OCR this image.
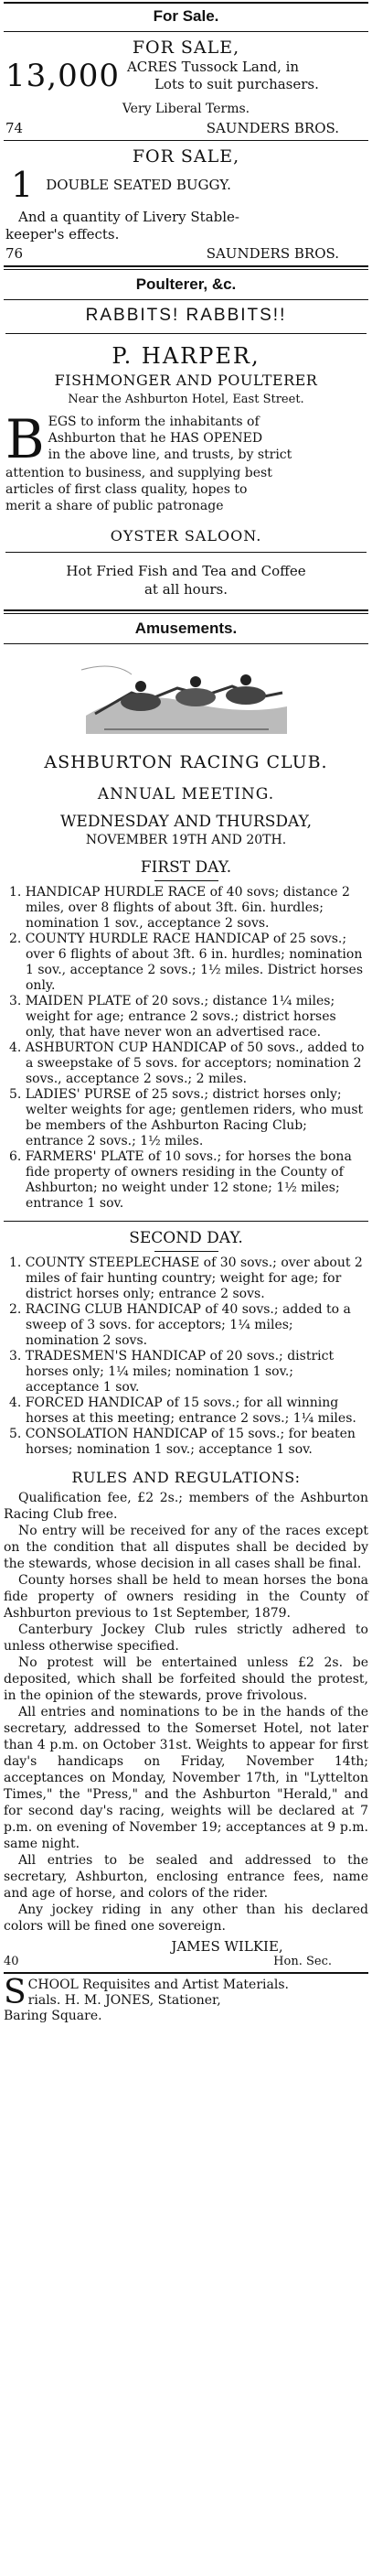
For Sale.
FOR SALE,
13,000 ACRES Tussock Land, in
Lots to suit purchasers.
Very Liberal Terms.
74	SAUNDERS BROS.
FOR SALE,
1 DOUBLE SEATED BUGGY.
And a quantity of Livery Stable-
keeper's effects.
76	SAUNDERS BROS.
Poulterer, &c.
RABBITS! RABBITS!!
P. HARPER,
FISHMONGER AND POULTERER
Near the Ashburton Hotel, East Street.
B EGS to inform the inhabitants of
Ashburton that he HAS OPENED
in the above line, and trusts, by strict
attention to business, and supplying best
articles of first class quality, hopes to
merit a share of public patronage
OYSTER SALOON.
Hot Fried Fish and Tea and Coffee
at all hours.
Amusements.
ASHBURTON RACING CLUB.
ANNUAL MEETING.
WEDNESDAY AND THURSDAY,
NOVEMBER 19TH AND 20TH.
FIRST DAY.

1. HANDICAP HURDLE RACE of 40 sovs; distance 2 miles, over 8 flights of about 3ft. 6in. hurdles; nomination 1 sov., acceptance 2 sovs.

2. COUNTY HURDLE RACE HANDICAP of 25 sovs.; over 6 flights of about 3ft. 6 in. hurdles; nomination 1 sov., acceptance 2 sovs.; 1½ miles. District horses only.

3. MAIDEN PLATE of 20 sovs.; distance 1¼ miles; weight for age; entrance 2 sovs.; district horses only, that have never won an advertised race.

4. ASHBURTON CUP HANDICAP of 50 sovs., added to a sweepstake of 5 sovs. for acceptors; nomination 2 sovs., acceptance 2 sovs.; 2 miles.

5. LADIES' PURSE of 25 sovs.; district horses only; welter weights for age; gentlemen riders, who must be members of the Ashburton Racing Club; entrance 2 sovs.; 1½ miles.

6. FARMERS' PLATE of 10 sovs.; for horses the bona fide property of owners residing in the County of Ashburton; no weight under 12 stone; 1½ miles; entrance 1 sov.

SECOND DAY.

1. COUNTY STEEPLECHASE of 30 sovs.; over about 2 miles of fair hunting country; weight for age; for district horses only; entrance 2 sovs.

2. RACING CLUB HANDICAP of 40 sovs.; added to a sweep of 3 sovs. for acceptors; 1¼ miles; nomination 2 sovs.

3. TRADESMEN'S HANDICAP of 20 sovs.; district horses only; 1¼ miles; nomination 1 sov.; acceptance 1 sov.

4. FORCED HANDICAP of 15 sovs.; for all winning horses at this meeting; entrance 2 sovs.; 1¼ miles.

5. CONSOLATION HANDICAP of 15 sovs.; for beaten horses; nomination 1 sov.; acceptance 1 sov.

RULES AND REGULATIONS:

Qualification fee, £2 2s.; members of the Ashburton Racing Club free.

No entry will be received for any of the races except on the condition that all disputes shall be decided by the stewards, whose decision in all cases shall be final.

County horses shall be held to mean horses the bona fide property of owners residing in the County of Ashburton previous to 1st September, 1879.

Canterbury Jockey Club rules strictly adhered to unless otherwise specified.

No protest will be entertained unless £2 2s. be deposited, which shall be forfeited should the protest, in the opinion of the stewards, prove frivolous.

All entries and nominations to be in the hands of the secretary, addressed to the Somerset Hotel, not later than 4 p.m. on October 31st. Weights to appear for first day's handicaps on Friday, November 14th; acceptances on Monday, November 17th, in "Lyttelton Times," the "Press," and the Ashburton "Herald," and for second day's racing, weights will be declared at 7 p.m. on evening of November 19; acceptances at 9 p.m. same night.

All entries to be sealed and addressed to the secretary, Ashburton, enclosing entrance fees, name and age of horse, and colors of the rider.

Any jockey riding in any other than his declared colors will be fined one sovereign.

JAMES WILKIE,
40	Hon. Sec.
S CHOOL Requisites and Artist Materials.
rials. H. M. JONES, Stationer,
Baring Square.
